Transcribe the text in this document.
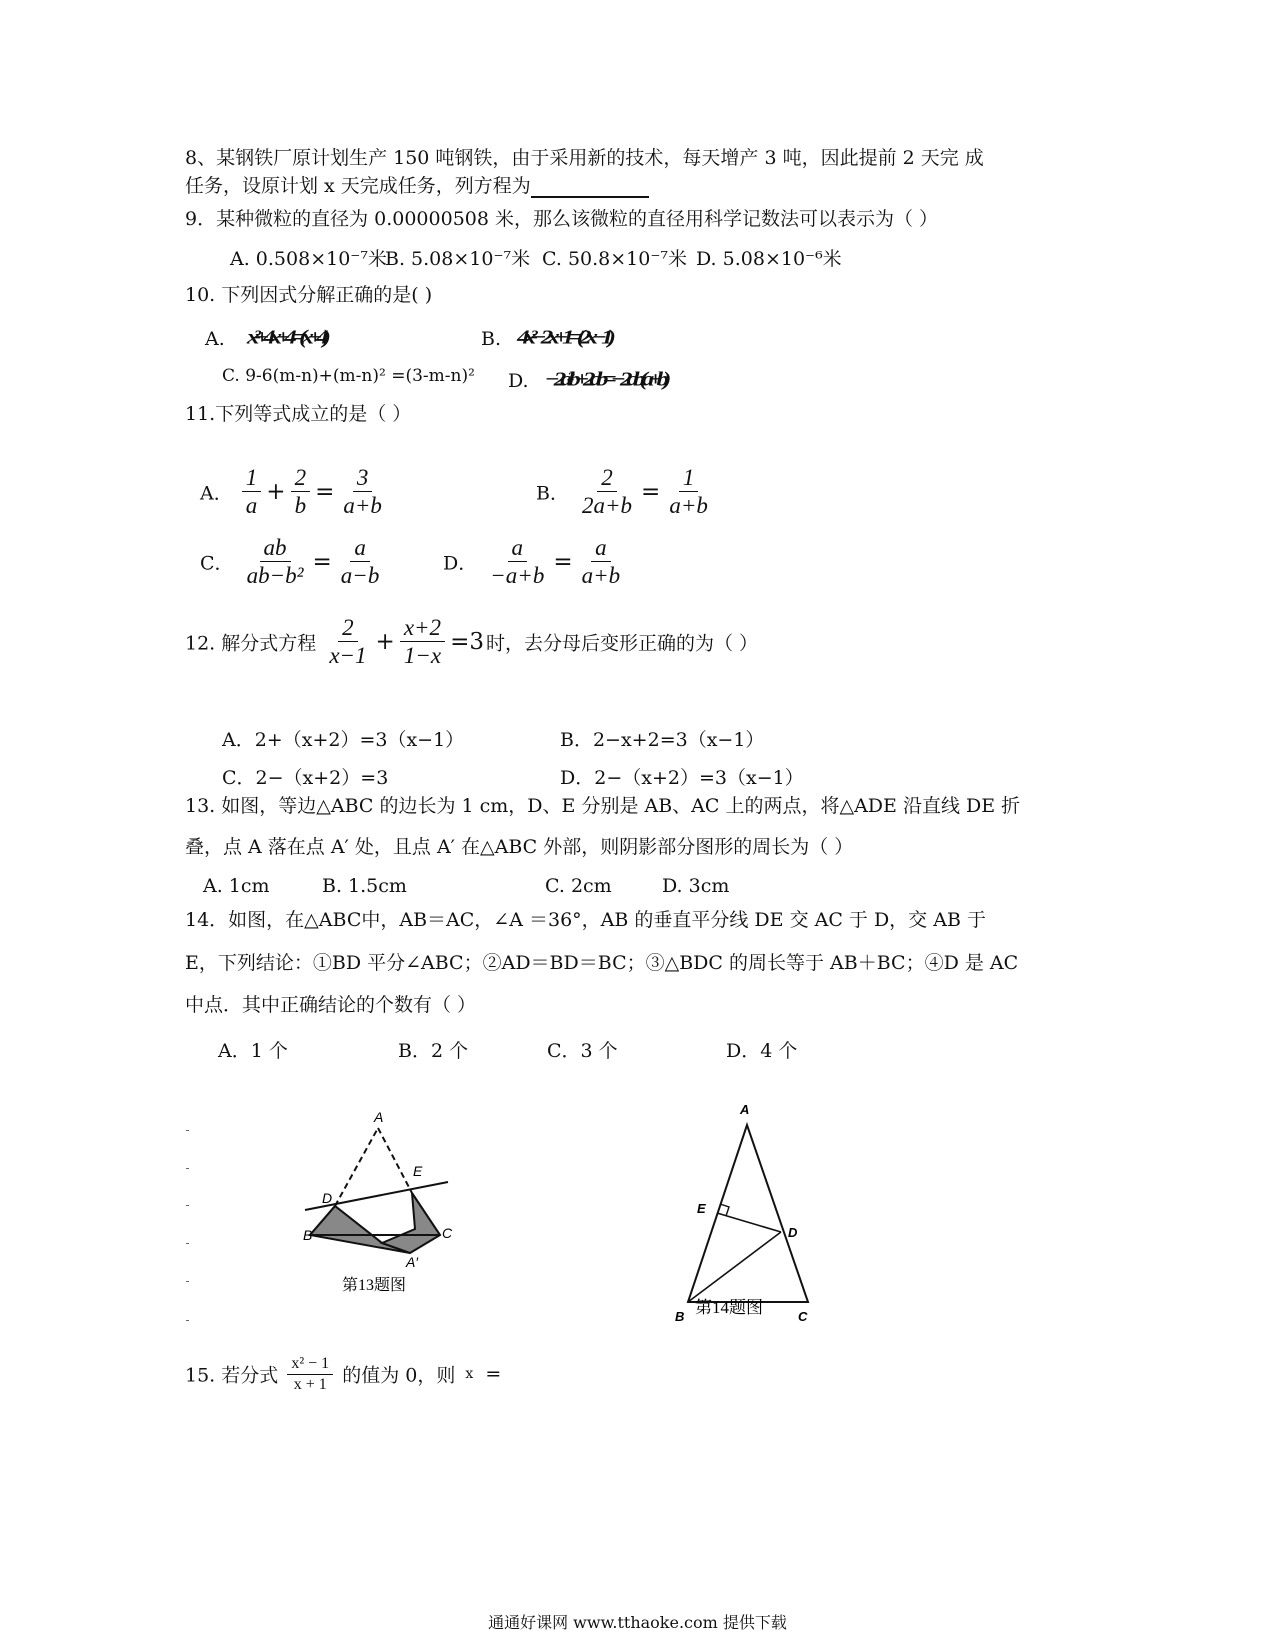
8、某钢铁厂原计划生产 150 吨钢铁，由于采用新的技术，每天增产 3 吨，因此提前 2 天完 成
任务，设原计划 x 天完成任务，列方程为
9．某种微粒的直径为 0.00000508 米，那么该微粒的直径用科学记数法可以表示为（ ）
A. 0.508×10⁻⁷米
B. 5.08×10⁻⁷米 C. 50.8×10⁻⁷米 D. 5.08×10⁻⁶米
10. 下列因式分解正确的是( )
A. x²+4x+4=(x+4)	B. 4x²−2x+1=(2x−1)
C. 9-6(m-n)+(m-n)² =(3-m-n)² D. −2a²b+2ab=−2ab(a+b)
11.下列等式成立的是（ ）
A． $\frac{1}{a} + \frac{2}{b} = \frac{3}{a+b}$	B． $\frac{2}{2a+b} = \frac{1}{a+b}$
C． $\frac{ab}{\text{ab−b²}} = \frac{a}{a-b}$	D． $\frac{a}{-a+b} = \frac{a}{a+b}$
12. 解分式方程 $\frac{2}{x-1} + \frac{x+2}{1-x} =3$ 时，去分母后变形正确的为（ ）
A．2+（x+2）=3（x−1）	B．2−x+2=3（x−1）
C．2−（x+2）=3	D．2−（x+2）=3（x−1）
13. 如图，等边△ABC 的边长为 1 cm，D、E 分别是 AB、AC 上的两点，将△ADE 沿直线 DE 折
叠，点 A 落在点 A′ 处，且点 A′ 在△ABC 外部，则阴影部分图形的周长为（ ）
A. 1cm	B. 1.5cm	C. 2cm	D. 3cm
14．如图，在△ABC中，AB＝AC，∠A ＝36°，AB 的垂直平分线 DE 交 AC 于 D，交 AB 于
E，下列结论：①BD 平分∠ABC；②AD＝BD＝BC；③△BDC 的周长等于 AB＋BC；④D 是 AC
中点．其中正确结论的个数有（ ）
A．1 个	B．2 个	C．3 个	D．4 个
A
D
E
B	C
A′
第13题图
A
E
D
B	C
第14题图
15. 若分式 $\frac{\text{x² − 1}}{x + 1}$ 的值为 0，则 x =
通通好课网 www.tthaoke.com 提供下载
